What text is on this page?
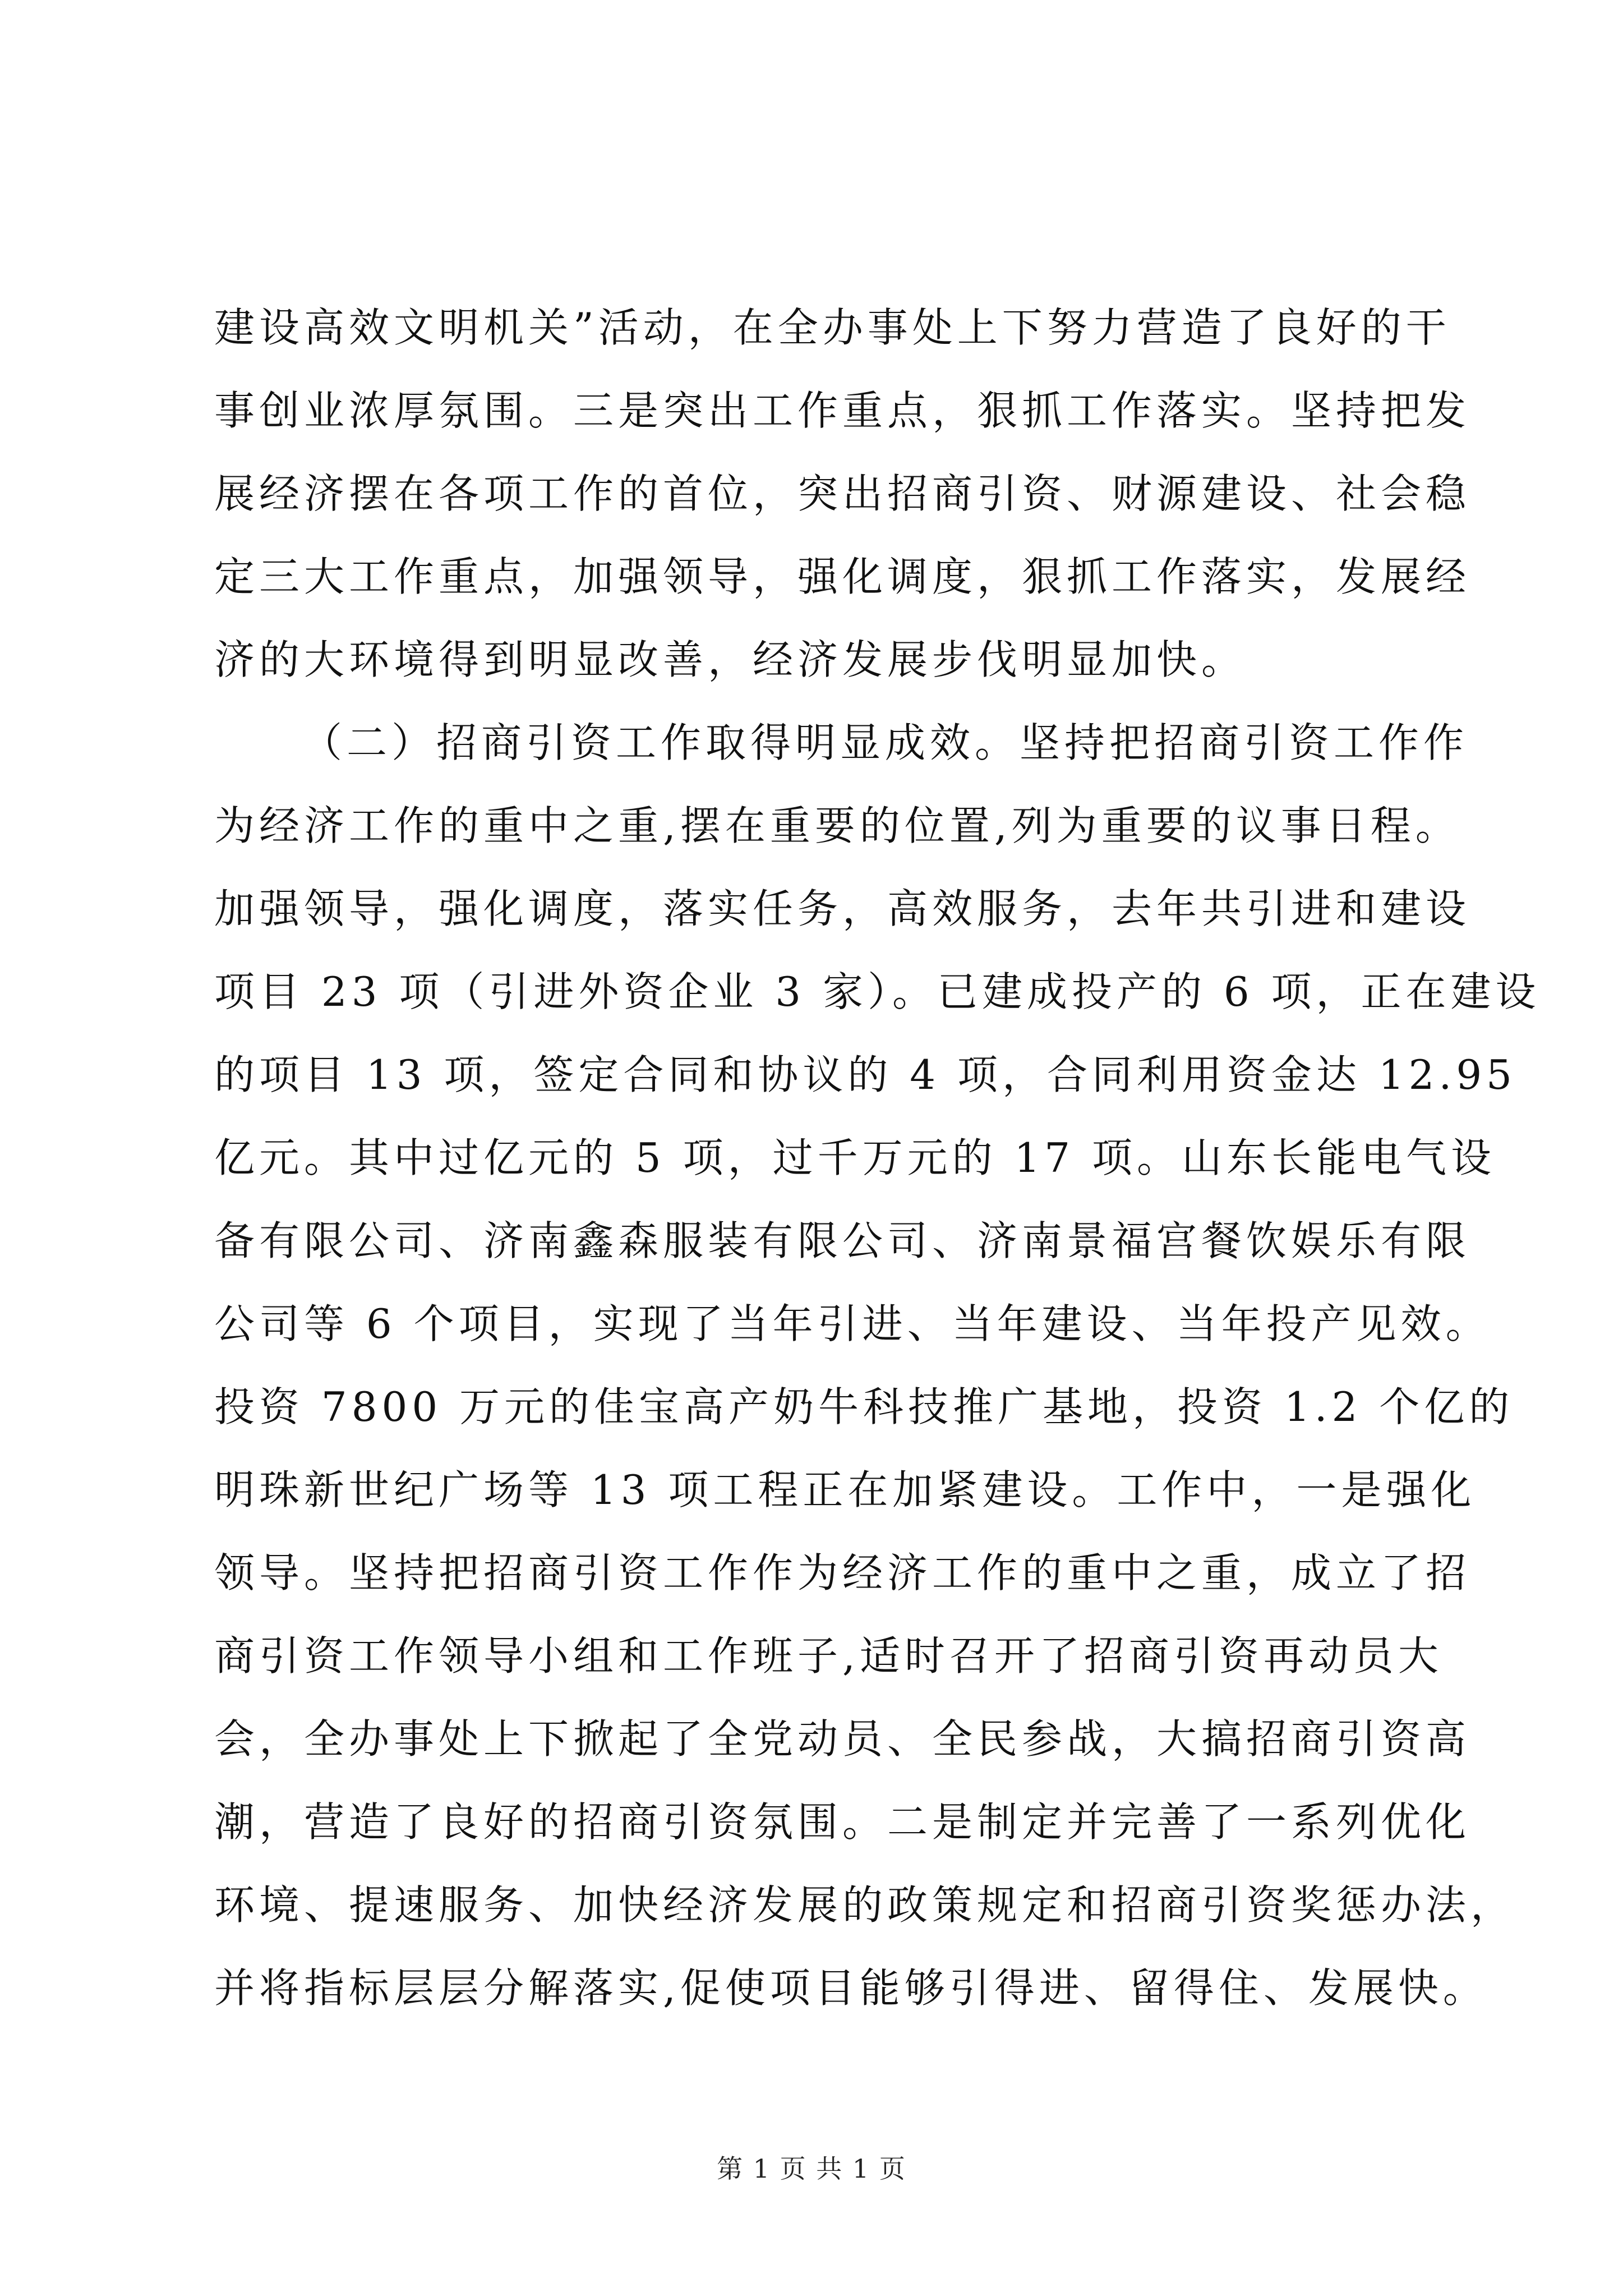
建设高效文明机关”活动，在全办事处上下努力营造了良好的干
事创业浓厚氛围。三是突出工作重点，狠抓工作落实。坚持把发
展经济摆在各项工作的首位，突出招商引资、财源建设、社会稳
定三大工作重点，加强领导，强化调度，狠抓工作落实，发展经
济的大环境得到明显改善，经济发展步伐明显加快。
（二）招商引资工作取得明显成效。坚持把招商引资工作作
为经济工作的重中之重,摆在重要的位置,列为重要的议事日程。
加强领导，强化调度，落实任务，高效服务，去年共引进和建设
项目 23 项（引进外资企业 3 家）。已建成投产的 6 项，正在建设
的项目 13 项，签定合同和协议的 4 项，合同利用资金达 12.95
亿元。其中过亿元的 5 项，过千万元的 17 项。山东长能电气设
备有限公司、济南鑫森服装有限公司、济南景福宫餐饮娱乐有限
公司等 6 个项目，实现了当年引进、当年建设、当年投产见效。
投资 7800 万元的佳宝高产奶牛科技推广基地，投资 1.2 个亿的
明珠新世纪广场等 13 项工程正在加紧建设。工作中，一是强化
领导。坚持把招商引资工作作为经济工作的重中之重，成立了招
商引资工作领导小组和工作班子,适时召开了招商引资再动员大
会，全办事处上下掀起了全党动员、全民参战，大搞招商引资高
潮，营造了良好的招商引资氛围。二是制定并完善了一系列优化
环境、提速服务、加快经济发展的政策规定和招商引资奖惩办法，
并将指标层层分解落实,促使项目能够引得进、留得住、发展快。
第 1 页 共 1 页
